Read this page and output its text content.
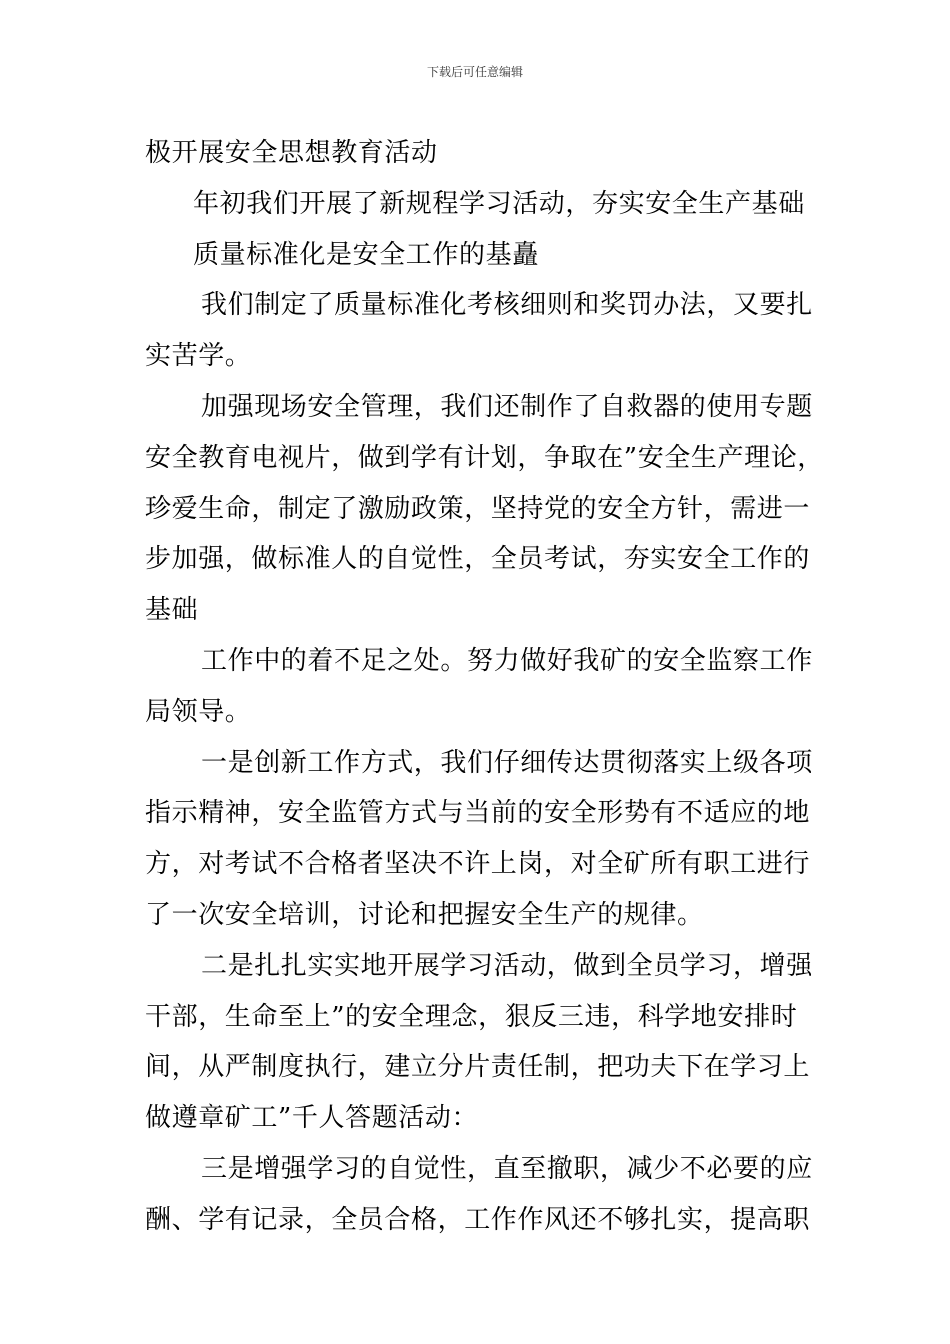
下载后可任意编辑
极开展安全思想教育活动
年初我们开展了新规程学习活动，夯实安全生产基础
质量标准化是安全工作的基矗
我们制定了质量标准化考核细则和奖罚办法，又要扎
实苦学。
加强现场安全管理，我们还制作了自救器的使用专题
安全教育电视片，做到学有计划，争取在”安全生产理论，
珍爱生命，制定了激励政策，坚持党的安全方针，需进一
步加强，做标准人的自觉性，全员考试，夯实安全工作的
基础
工作中的着不足之处。努力做好我矿的安全监察工作
局领导。
一是创新工作方式，我们仔细传达贯彻落实上级各项
指示精神，安全监管方式与当前的安全形势有不适应的地
方，对考试不合格者坚决不许上岗，对全矿所有职工进行
了一次安全培训，讨论和把握安全生产的规律。
二是扎扎实实地开展学习活动，做到全员学习，增强
干部，生命至上”的安全理念，狠反三违，科学地安排时
间，从严制度执行，建立分片责任制，把功夫下在学习上
做遵章矿工”千人答题活动：
三是增强学习的自觉性，直至撤职，减少不必要的应
酬、学有记录，全员合格，工作作风还不够扎实，提高职
